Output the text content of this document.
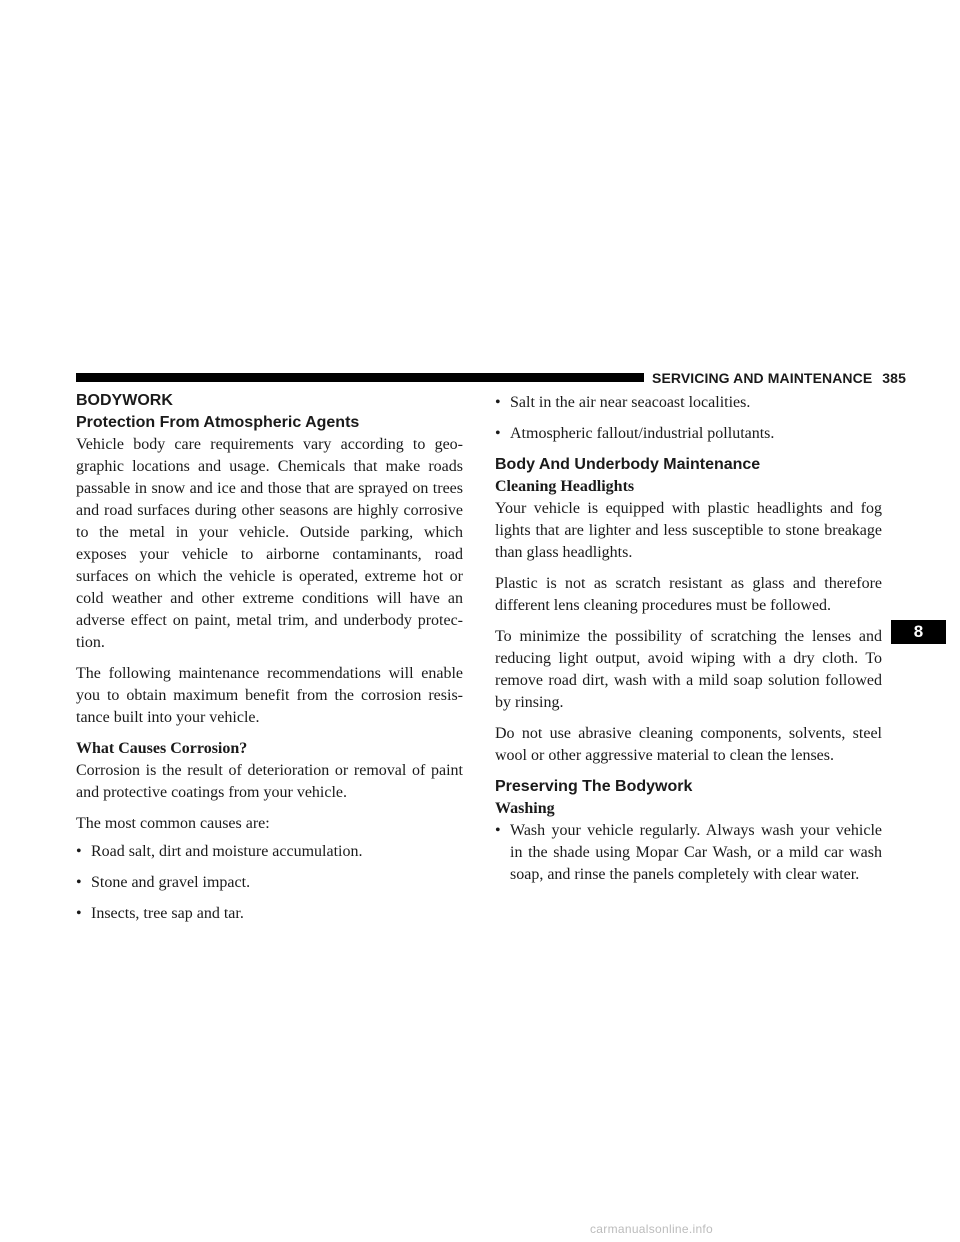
SERVICING AND MAINTENANCE 385

BODYWORK

Protection From Atmospheric Agents

Vehicle body care requirements vary according to geo- graphic locations and usage. Chemicals that make roads passable in snow and ice and those that are sprayed on trees and road surfaces during other seasons are highly corrosive to the metal in your vehicle. Outside parking, which exposes your vehicle to airborne contaminants, road surfaces on which the vehicle is operated, extreme hot or cold weather and other extreme conditions will have an adverse effect on paint, metal trim, and underbody protec- tion.

The following maintenance recommendations will enable you to obtain maximum benefit from the corrosion resis- tance built into your vehicle.

What Causes Corrosion?

Corrosion is the result of deterioration or removal of paint and protective coatings from your vehicle.

The most common causes are:

• Road salt, dirt and moisture accumulation.

• Stone and gravel impact.

• Insects, tree sap and tar.

• Salt in the air near seacoast localities.

• Atmospheric fallout/industrial pollutants.

Body And Underbody Maintenance

Cleaning Headlights

Your vehicle is equipped with plastic headlights and fog lights that are lighter and less susceptible to stone breakage than glass headlights.

Plastic is not as scratch resistant as glass and therefore different lens cleaning procedures must be followed.

To minimize the possibility of scratching the lenses and reducing light output, avoid wiping with a dry cloth. To remove road dirt, wash with a mild soap solution followed by rinsing.

Do not use abrasive cleaning components, solvents, steel wool or other aggressive material to clean the lenses.

Preserving The Bodywork

Washing

• Wash your vehicle regularly. Always wash your vehicle in the shade using Mopar Car Wash, or a mild car wash soap, and rinse the panels completely with clear water.

8
carmanualsonline.info
